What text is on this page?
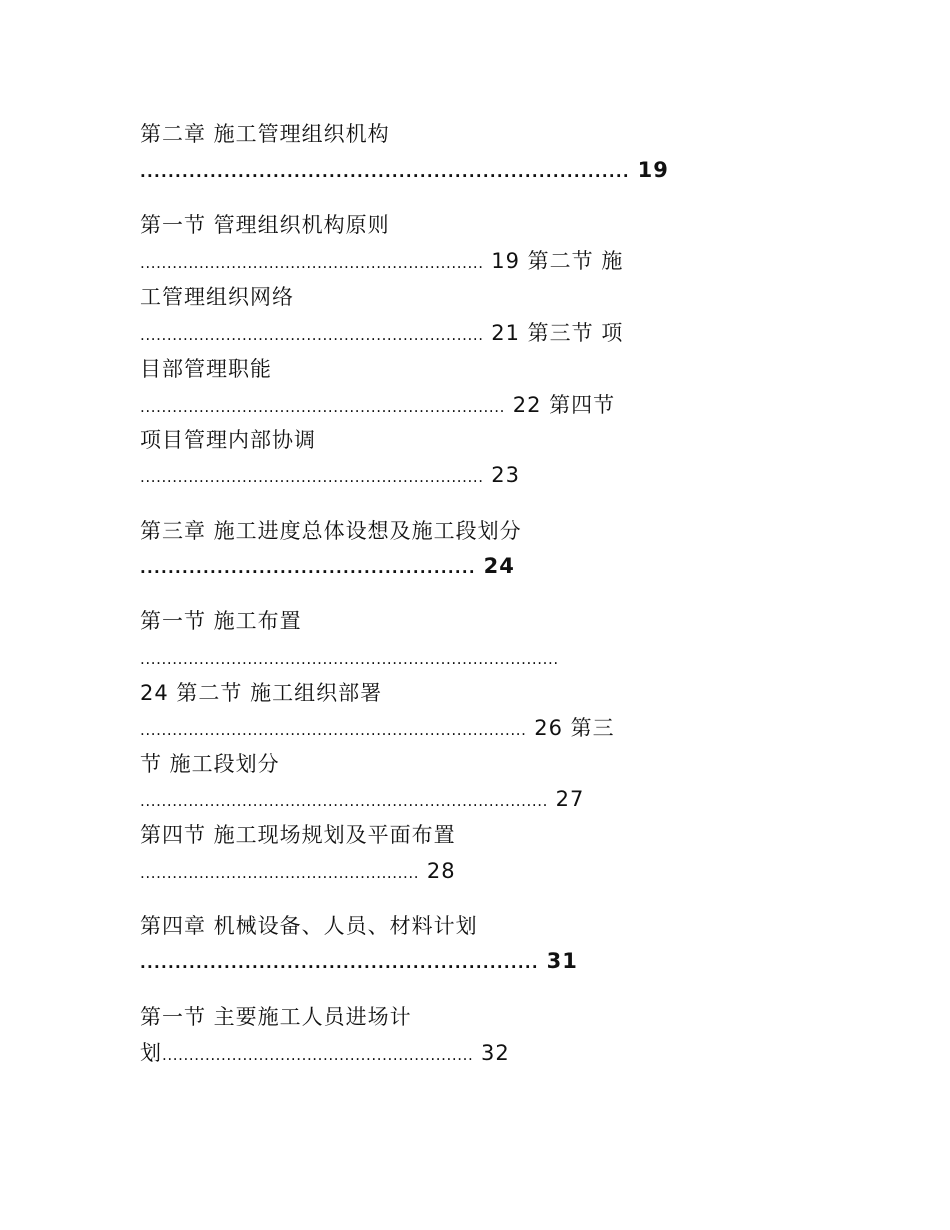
第二章 施工管理组织机构
...................................................................... 19
第一节 管理组织机构原则
................................................................ 19 第二节 施
工管理组织网络
................................................................ 21 第三节 项
目部管理职能
.................................................................... 22 第四节
项目管理内部协调
................................................................ 23
第三章 施工进度总体设想及施工段划分
................................................ 24
第一节 施工布置
..............................................................................
24 第二节 施工组织部署
........................................................................ 26 第三
节 施工段划分
............................................................................ 27
第四节 施工现场规划及平面布置
.................................................... 28
第四章 机械设备、人员、材料计划
......................................................... 31
第一节 主要施工人员进场计
划.......................................................... 32
